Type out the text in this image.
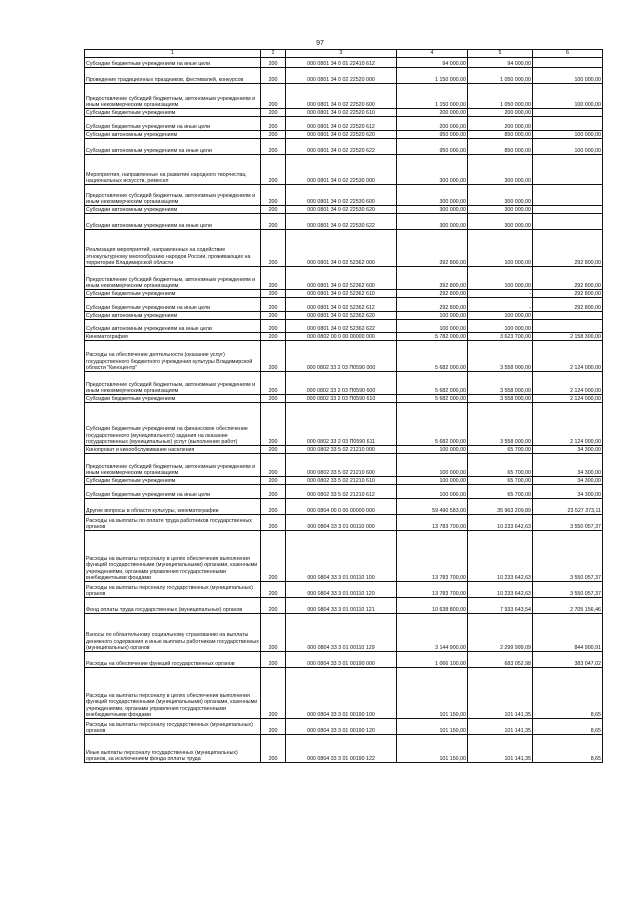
97
1	2	3	4	5	6
Субсидии бюджетным учреждениям на иные цели	200	000 0801 34 0 01 22410 612	94 000,00	94 000,00	
Проведение традиционных праздников, фестивалей, конкурсов	200	000 0801 34 0 02 22520 000	1 150 000,00	1 050 000,00	100 000,00
Предоставление субсидий бюджетным, автономным учреждениям и иным некоммерческим организациям	200	000 0801 34 0 02 22520 600	1 150 000,00	1 050 000,00	100 000,00
Субсидии бюджетным учреждениям	200	000 0801 34 0 02 22520 610	200 000,00	200 000,00	
Субсидии бюджетным учреждениям на иные цели	200	000 0801 34 0 02 22520 612	200 000,00	200 000,00	
Субсидии автономным учреждениям	200	000 0801 34 0 02 22520 620	950 000,00	850 000,00	100 000,00
Субсидии автономным учреждениям на иные цели	200	000 0801 34 0 02 22520 622	950 000,00	850 000,00	100 000,00
Мероприятия, направленные на развитие народного творчества, национальных искусств, ремесел	200	000 0801 34 0 02 22530 000	300 000,00	300 000,00	
Предоставление субсидий бюджетным, автономным учреждениям и иным некоммерческим организациям	200	000 0801 34 0 02 22530 600	300 000,00	300 000,00	
Субсидии автономным учреждениям	200	000 0801 34 0 02 22530 620	300 000,00	300 000,00	
Субсидии автономным учреждениям на иные цели	200	000 0801 34 0 02 22530 622	300 000,00	300 000,00	
Реализация мероприятий, направленных на содействие этнокультурному многообразию народов России, проживающих на территории Владимирской области	200	000 0801 34 0 02 52362 000	392 800,00	100 000,00	292 800,00
Предоставление субсидий бюджетным, автономным учреждениям и иным некоммерческим организациям	200	000 0801 34 0 02 52362 600	392 800,00	100 000,00	292 800,00
Субсидии бюджетным учреждениям	200	000 0801 34 0 02 52362 610	292 800,00	-	292 800,00
Субсидии бюджетным учреждениям на иные цели	200	000 0801 34 0 02 52362 612	292 800,00	-	292 800,00
Субсидии автономным учреждениям	200	000 0801 34 0 02 52362 620	100 000,00	100 000,00	
Субсидии автономным учреждениям на иные цели	200	000 0801 34 0 02 52362 622	100 000,00	100 000,00	
Кинематография	200	000 0802 00 0 00 00000 000	5 782 000,00	3 623 700,00	2 158 300,00
Расходы на обеспечение деятельности (оказание услуг) государственного бюджетного учреждения культуры Владимирской области "Киноцентр"	200	000 0802 33 2 03 П0590 000	5 682 000,00	3 558 000,00	2 124 000,00
Предоставление субсидий бюджетным, автономным учреждениям и иным некоммерческим организациям	200	000 0802 33 2 03 П0590 600	5 682 000,00	3 558 000,00	2 124 000,00
Субсидии бюджетным учреждениям	200	000 0802 33 2 03 П0590 610	5 682 000,00	3 558 000,00	2 124 000,00
Субсидии бюджетным учреждениям на финансовое обеспечение государственного (муниципального) задания на оказание государственных (муниципальных) услуг (выполнение работ)	200	000 0802 33 2 03 П0590 611	5 682 000,00	3 558 000,00	2 124 000,00
Кинопрокат и кинообслуживание населения	200	000 0802 33 5 02 21210 000	100 000,00	65 700,00	34 300,00
Предоставление субсидий бюджетным, автономным учреждениям и иным некоммерческим организациям	200	000 0802 33 5 02 21210 600	100 000,00	65 700,00	34 300,00
Субсидии бюджетным учреждениям	200	000 0802 33 5 02 21210 610	100 000,00	65 700,00	34 300,00
Субсидии бюджетным учреждениям на иные цели	200	000 0802 33 5 02 21210 612	100 000,00	65 700,00	34 300,00
Другие вопросы в области культуры, кинематографии	200	000 0804 00 0 00 00000 000	59 490 583,00	35 963 209,89	23 527 373,11
Расходы на выплаты по оплате труда работников государственных органов	200	000 0804 33 3 01 00110 000	13 783 700,00	10 233 642,63	3 550 057,37
Расходы на выплаты персоналу в целях обеспечения выполнения функций государственными (муниципальными) органами, казенными учреждениями, органами управления государственными внебюджетными фондами	200	000 0804 33 3 01 00110 100	13 783 700,00	10 233 642,63	3 550 057,37
Расходы на выплаты персоналу государственных (муниципальных) органов	200	000 0804 33 3 01 00110 120	13 783 700,00	10 233 642,63	3 550 057,37
Фонд оплаты труда государственных (муниципальных) органов	200	000 0804 33 3 01 00110 121	10 638 800,00	7 933 643,54	2 705 156,46
Взносы по обязательному социальному страхованию на выплаты денежного содержания и иные выплаты работникам государственных (муниципальных) органов	200	000 0804 33 3 01 00110 129	3 144 900,00	2 299 999,09	844 900,91
Расходы на обеспечение функций государственных органов	200	000 0804 33 3 01 00190 000	1 066 100,00	683 052,98	383 047,02
Расходы на выплаты персоналу в целях обеспечения выполнения функций государственными (муниципальными) органами, казенными учреждениями, органами управления государственными внебюджетными фондами	200	000 0804 33 3 01 00190 100	101 150,00	101 141,35	8,65
Расходы на выплаты персоналу государственных (муниципальных) органов	200	000 0804 33 3 01 00190 120	101 150,00	101 141,35	8,65
Иные выплаты персоналу государственных (муниципальных) органов, за исключением фонда оплаты труда	200	000 0804 33 3 01 00190 122	101 150,00	101 141,35	8,65
